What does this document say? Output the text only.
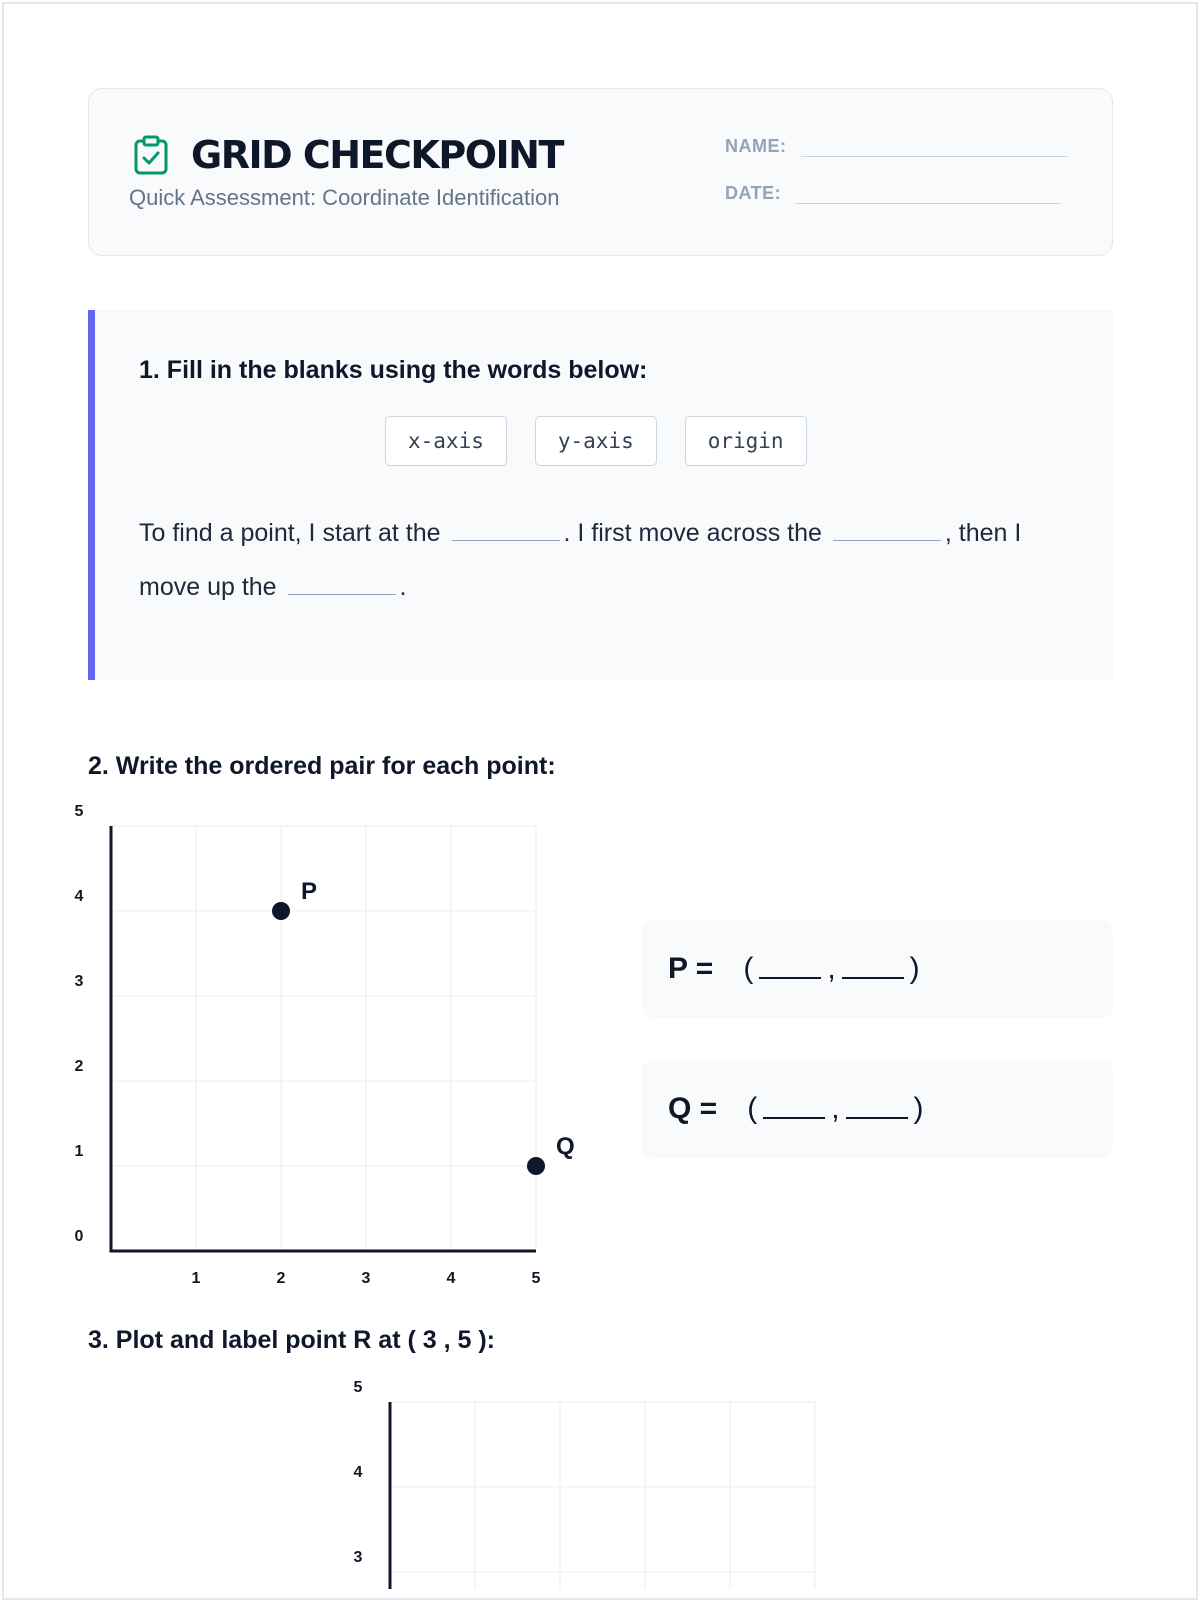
GRID CHECKPOINT
Quick Assessment: Coordinate Identification
NAME:
DATE:
1. Fill in the blanks using the words below:
x-axis	y-axis	origin
To find a point, I start at the	. I first move across the	, then I move up the	.
2. Write the ordered pair for each point:
0
1
2
3
4
5
1	2	3	4	5
P
Q
P = ( , )
Q = ( , )
3. Plot and label point R at ( 3 , 5 ):
3
4
5
